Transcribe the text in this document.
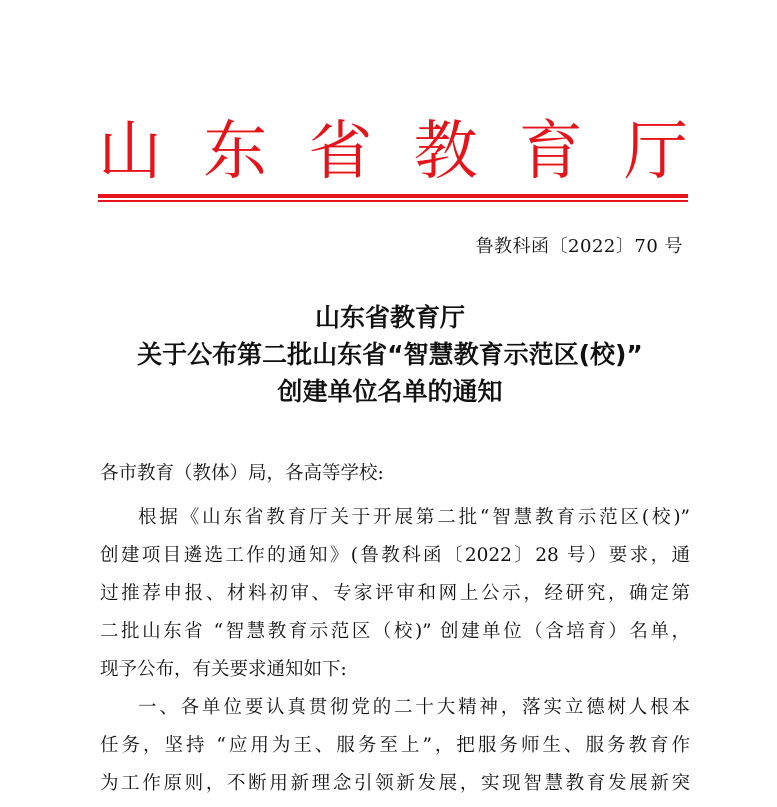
山 东 省 教 育 厅
鲁教科函〔2022〕70 号
山东省教育厅
关于公布第二批山东省“智慧教育示范区(校)”
创建单位名单的通知
各市教育（教体）局，各高等学校:
根据《山东省教育厅关于开展第二批“智慧教育示范区(校)”
创建项目遴选工作的通知》(鲁教科函〔2022〕28 号）要求，通
过推荐申报、材料初审、专家评审和网上公示，经研究，确定第
二批山东省 “智慧教育示范区（校)” 创建单位（含培育）名单，
现予公布，有关要求通知如下:
一、各单位要认真贯彻党的二十大精神，落实立德树人根本
任务，坚持 “应用为王、服务至上”，把服务师生、服务教育作
为工作原则，不断用新理念引领新发展，实现智慧教育发展新突
